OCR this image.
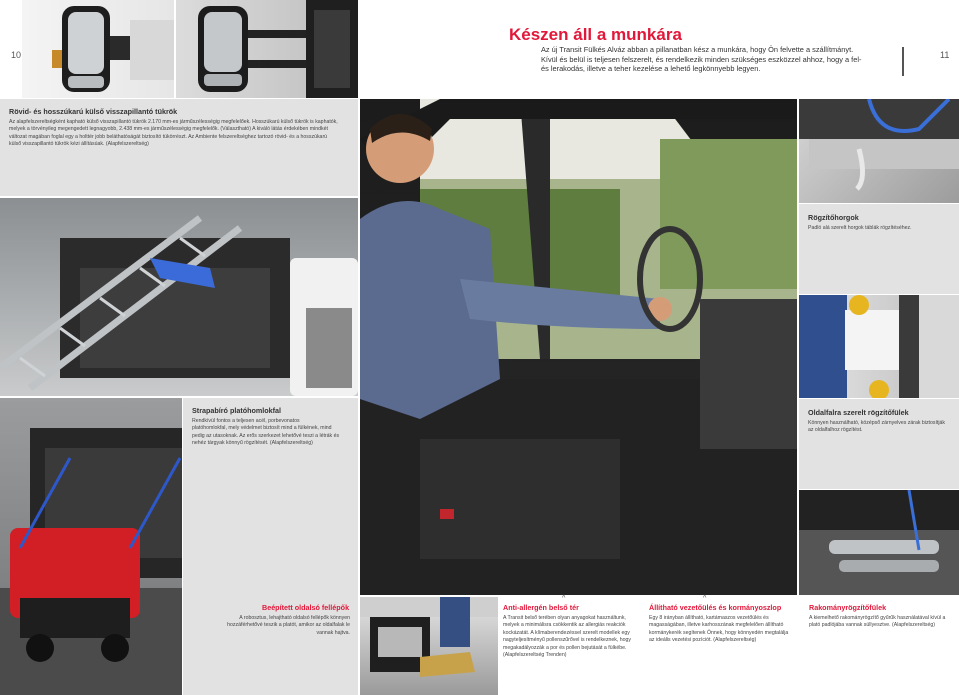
10	11
Készen áll a munkára
Az új Transit Fülkés Alváz abban a pillanatban kész a munkára, hogy Ön felvette a szállítmányt.
Kívül és belül is teljesen felszerelt, és rendelkezik minden szükséges eszközzel ahhoz, hogy a fel-
és lerakodás, illetve a teher kezelése a lehető legkönnyebb legyen.
Rövid- és hosszúkarú külső visszapillantó tükrök
Az alapfelszereltségként kapható külső visszapillantó tükrök 2.170 mm-es járműszélességig megfelelőek. Hosszúkarú külső tükrök is kaphatók,
melyek a törvényileg megengedett legnagyobb, 2.438 mm-es járműszélességig megfelelők. (Választható) A kiváló látás érdekében mindkét
változat magában foglal egy a holttér jobb beláthatóságát biztosító tükörrészt. Az Ambiente felszereltséghez tartozó rövid- és a hosszúkarú
külső visszapillantó tükrök kézi állításúak. (Alapfelszereltség)
Strapabíró platóhomlokfal
Rendkívül fontos a teljesen acél, porbevonatos
platóhomlokfal, mely védelmet biztosít mind a fülkének, mind
pedig az utasoknak. Az erős szerkezet lehetővé teszi a létrák és
nehéz tárgyak könnyű rögzítését. (Alapfelszereltség)
Rögzítőhorgok
Padló alá szerelt horgok táblák rögzítéséhez.
Oldalfalra szerelt rögzítőfülek
Könnyen használható, középső zárnyelves zárak biztosítják
az oldalfalhoz rögzítést.
Beépített oldalsó fellépők
A robosztus, lehajtható oldalsó fellépők könnyen
hozzáférhetővé teszik a platót, amikor az oldalfalak le
vannak hajtva.
Anti-allergén belső tér
^
A Transit belső terében olyan anyagokat használtunk,
melyek a minimálisra csökkentik az allergiás reakciók
kockázatát. A klímaberendezéssel szerelt modellek egy
nagyteljesítményű pollenszűrővel is rendelkeznek, hogy
megakadályozzák a por és pollen bejutását a fülkébe.
(Alapfelszereltség Trenden)
Állítható vezetőülés és kormányoszlop
^
Egy 8 irányban állítható, kartámaszos vezetőülés és
magasságában, illetve karhosszának megfelelően állítható
kormánykerék segítenek Önnek, hogy könnyedén megtalálja
az ideális vezetési pozíciót. (Alapfelszereltség)
Rakományrögzítőfülek
A kiemelhető rakományrögzítő gyűrűk használatával kívül a
plató padlójába vannak süllyesztve. (Alapfelszereltség)
